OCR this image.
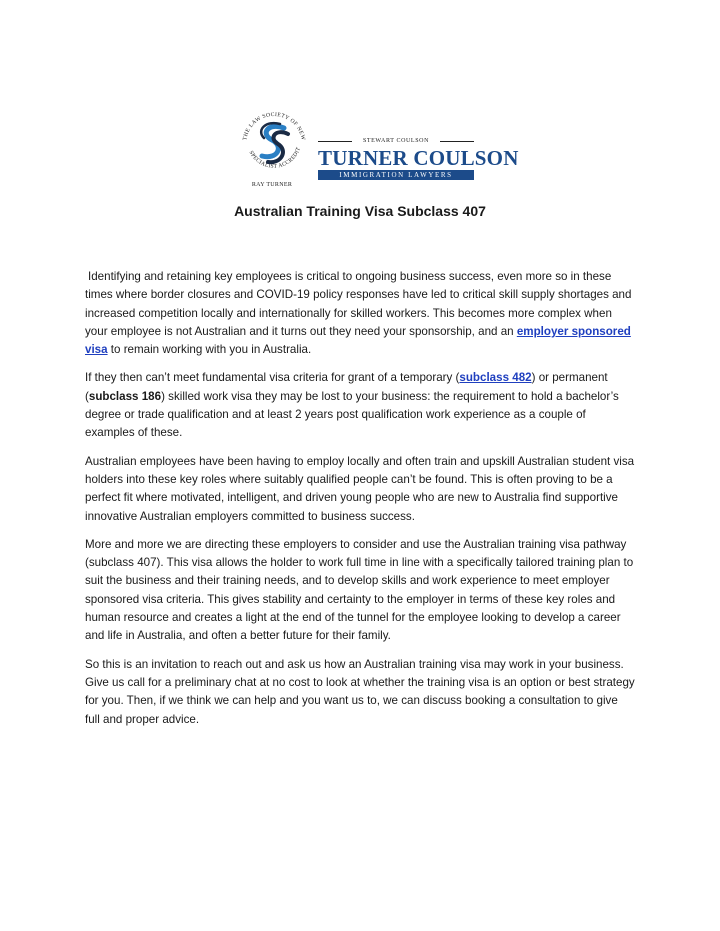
THE LAW SOCIETY OF NEW
SPECIALIST ACCREDIT
RAY TURNER
STEWART COULSON
TURNER COULSON
IMMIGRATION LAWYERS
Australian Training Visa Subclass 407

Identifying and retaining key employees is critical to ongoing business success, even more so in these times where border closures and COVID-19 policy responses have led to critical skill supply shortages and increased competition locally and internationally for skilled workers. This becomes more complex when your employee is not Australian and it turns out they need your sponsorship, and an employer sponsored visa to remain working with you in Australia.

If they then can’t meet fundamental visa criteria for grant of a temporary (subclass 482) or permanent (subclass 186) skilled work visa they may be lost to your business: the requirement to hold a bachelor’s degree or trade qualification and at least 2 years post qualification work experience as a couple of examples of these.

Australian employees have been having to employ locally and often train and upskill Australian student visa holders into these key roles where suitably qualified people can’t be found. This is often proving to be a perfect fit where motivated, intelligent, and driven young people who are new to Australia find supportive innovative Australian employers committed to business success.

More and more we are directing these employers to consider and use the Australian training visa pathway (subclass 407). This visa allows the holder to work full time in line with a specifically tailored training plan to suit the business and their training needs, and to develop skills and work experience to meet employer sponsored visa criteria. This gives stability and certainty to the employer in terms of these key roles and human resource and creates a light at the end of the tunnel for the employee looking to develop a career and life in Australia, and often a better future for their family.

So this is an invitation to reach out and ask us how an Australian training visa may work in your business. Give us call for a preliminary chat at no cost to look at whether the training visa is an option or best strategy for you. Then, if we think we can help and you want us to, we can discuss booking a consultation to give full and proper advice.
